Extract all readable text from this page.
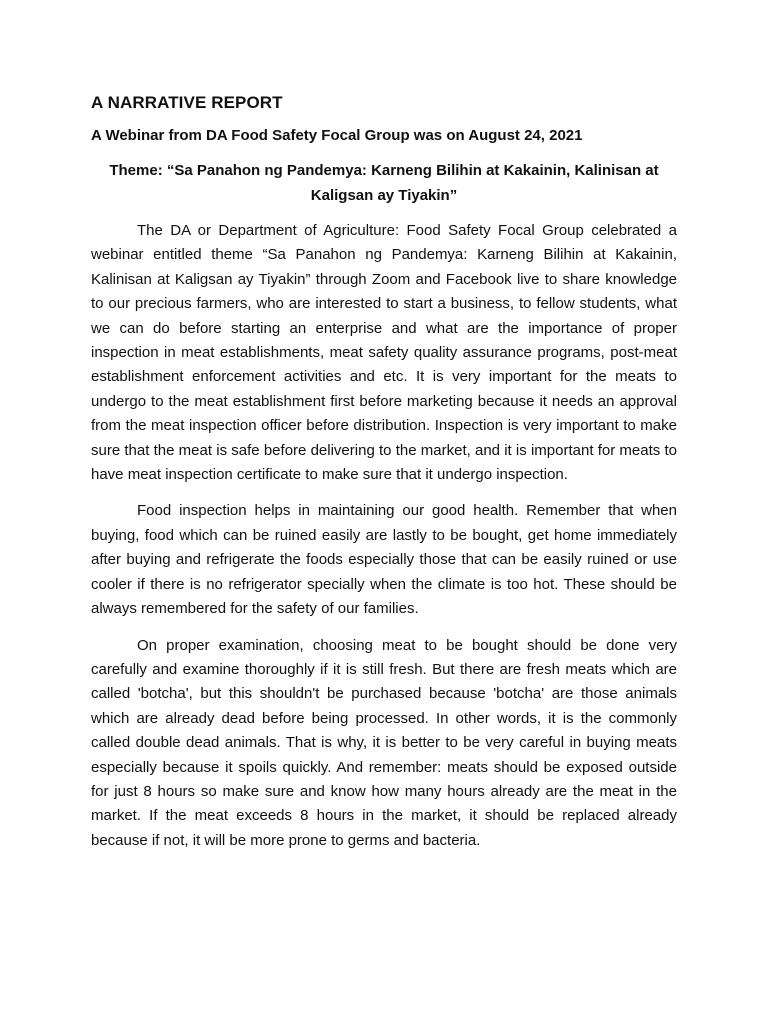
A NARRATIVE REPORT
A Webinar from DA Food Safety Focal Group was on August 24, 2021
Theme: “Sa Panahon ng Pandemya: Karneng Bilihin at Kakainin, Kalinisan at Kaligsan ay Tiyakin”

The DA or Department of Agriculture: Food Safety Focal Group celebrated a webinar entitled theme “Sa Panahon ng Pandemya: Karneng Bilihin at Kakainin, Kalinisan at Kaligsan ay Tiyakin” through Zoom and Facebook live to share knowledge to our precious farmers, who are interested to start a business, to fellow students, what we can do before starting an enterprise and what are the importance of proper inspection in meat establishments, meat safety quality assurance programs, post-meat establishment enforcement activities and etc. It is very important for the meats to undergo to the meat establishment first before marketing because it needs an approval from the meat inspection officer before distribution. Inspection is very important to make sure that the meat is safe before delivering to the market, and it is important for meats to have meat inspection certificate to make sure that it undergo inspection.

Food inspection helps in maintaining our good health. Remember that when buying, food which can be ruined easily are lastly to be bought, get home immediately after buying and refrigerate the foods especially those that can be easily ruined or use cooler if there is no refrigerator specially when the climate is too hot. These should be always remembered for the safety of our families.

On proper examination, choosing meat to be bought should be done very carefully and examine thoroughly if it is still fresh. But there are fresh meats which are called 'botcha', but this shouldn't be purchased because 'botcha' are those animals which are already dead before being processed. In other words, it is the commonly called double dead animals. That is why, it is better to be very careful in buying meats especially because it spoils quickly. And remember: meats should be exposed outside for just 8 hours so make sure and know how many hours already are the meat in the market. If the meat exceeds 8 hours in the market, it should be replaced already because if not, it will be more prone to germs and bacteria.
